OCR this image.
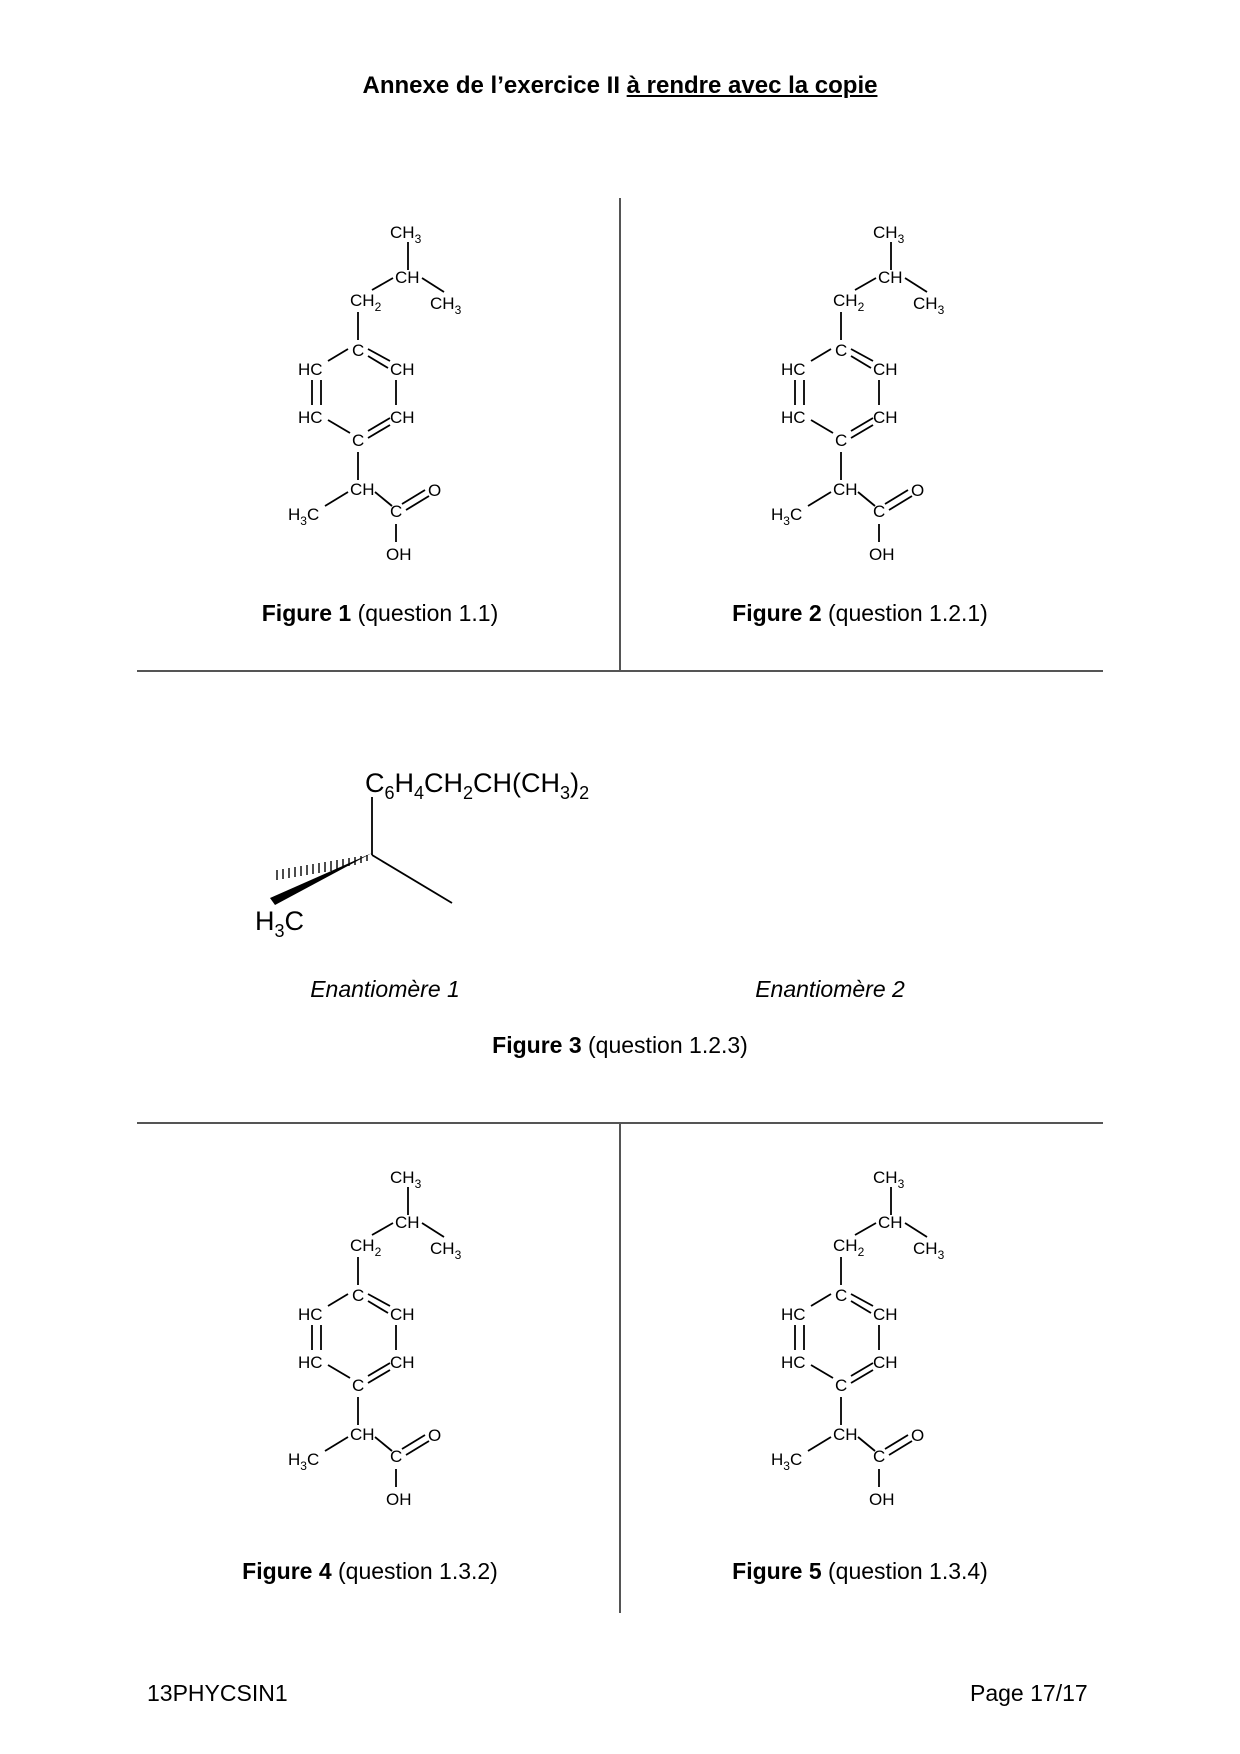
Annexe de l’exercice II à rendre avec la copie
$CH_3$
CH
$CH_3$
$CH_2$
C
HC	CH
HC	CH
C
CH
$H_3C$	C
O
OH
$CH_3$
CH
$CH_3$
$CH_2$
C
HC	CH
HC	CH
C
CH
$H_3C$	C
O
OH
$CH_3$
CH
$CH_3$
$CH_2$
C
HC	CH
HC	CH
C
CH
$H_3C$	C
O
OH
$CH_3$
CH
$CH_3$
$CH_2$
C
HC	CH
HC	CH
C
CH
$H_3C$	C
O
OH
Figure 1 (question 1.1)	Figure 2 (question 1.2.1)
Figure 4 (question 1.3.2)	Figure 5 (question 1.3.4)
$C_6H_4CH_2CH(CH_3)_2$
$H_3C$
Enantiomère 1	Enantiomère 2
Figure 3 (question 1.2.3)
13PHYCSIN1	Page 17/17
